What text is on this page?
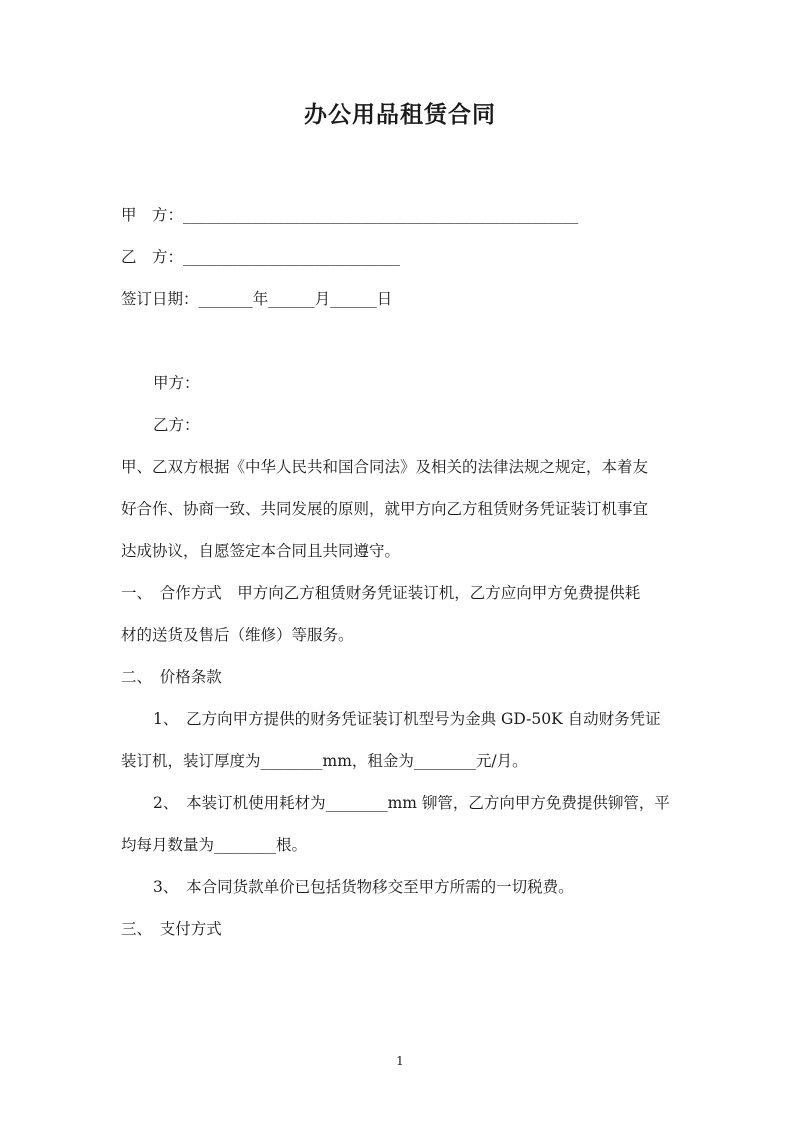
办公用品租赁合同
甲　方：___________________________________________________
乙　方：____________________________
签订日期：_______年______月______日
甲方：
乙方：
甲、乙双方根据《中华人民共和国合同法》及相关的法律法规之规定，本着友
好合作、协商一致、共同发展的原则，就甲方向乙方租赁财务凭证装订机事宜
达成协议，自愿签定本合同且共同遵守。
一、　合作方式　甲方向乙方租赁财务凭证装订机，乙方应向甲方免费提供耗
材的送货及售后（维修）等服务。
二、　价格条款
1、　乙方向甲方提供的财务凭证装订机型号为金典 GD-50K 自动财务凭证
装订机，装订厚度为________mm，租金为________元/月。
2、　本装订机使用耗材为________mm 铆管，乙方向甲方免费提供铆管，平
均每月数量为________根。
3、　本合同货款单价已包括货物移交至甲方所需的一切税费。
三、　支付方式
1
